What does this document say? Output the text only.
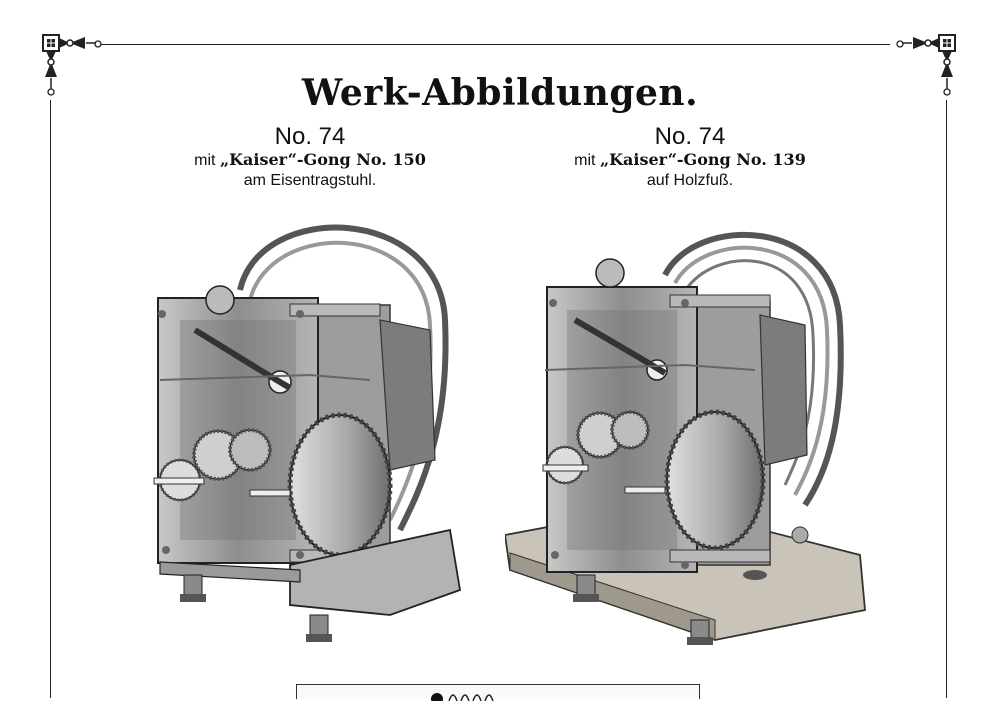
Werk-Abbildungen.
No. 74
mit „Kaiser“-Gong No. 150
am Eisentragstuhl.
No. 74
mit „Kaiser“-Gong No. 139
auf Holzfuß.
